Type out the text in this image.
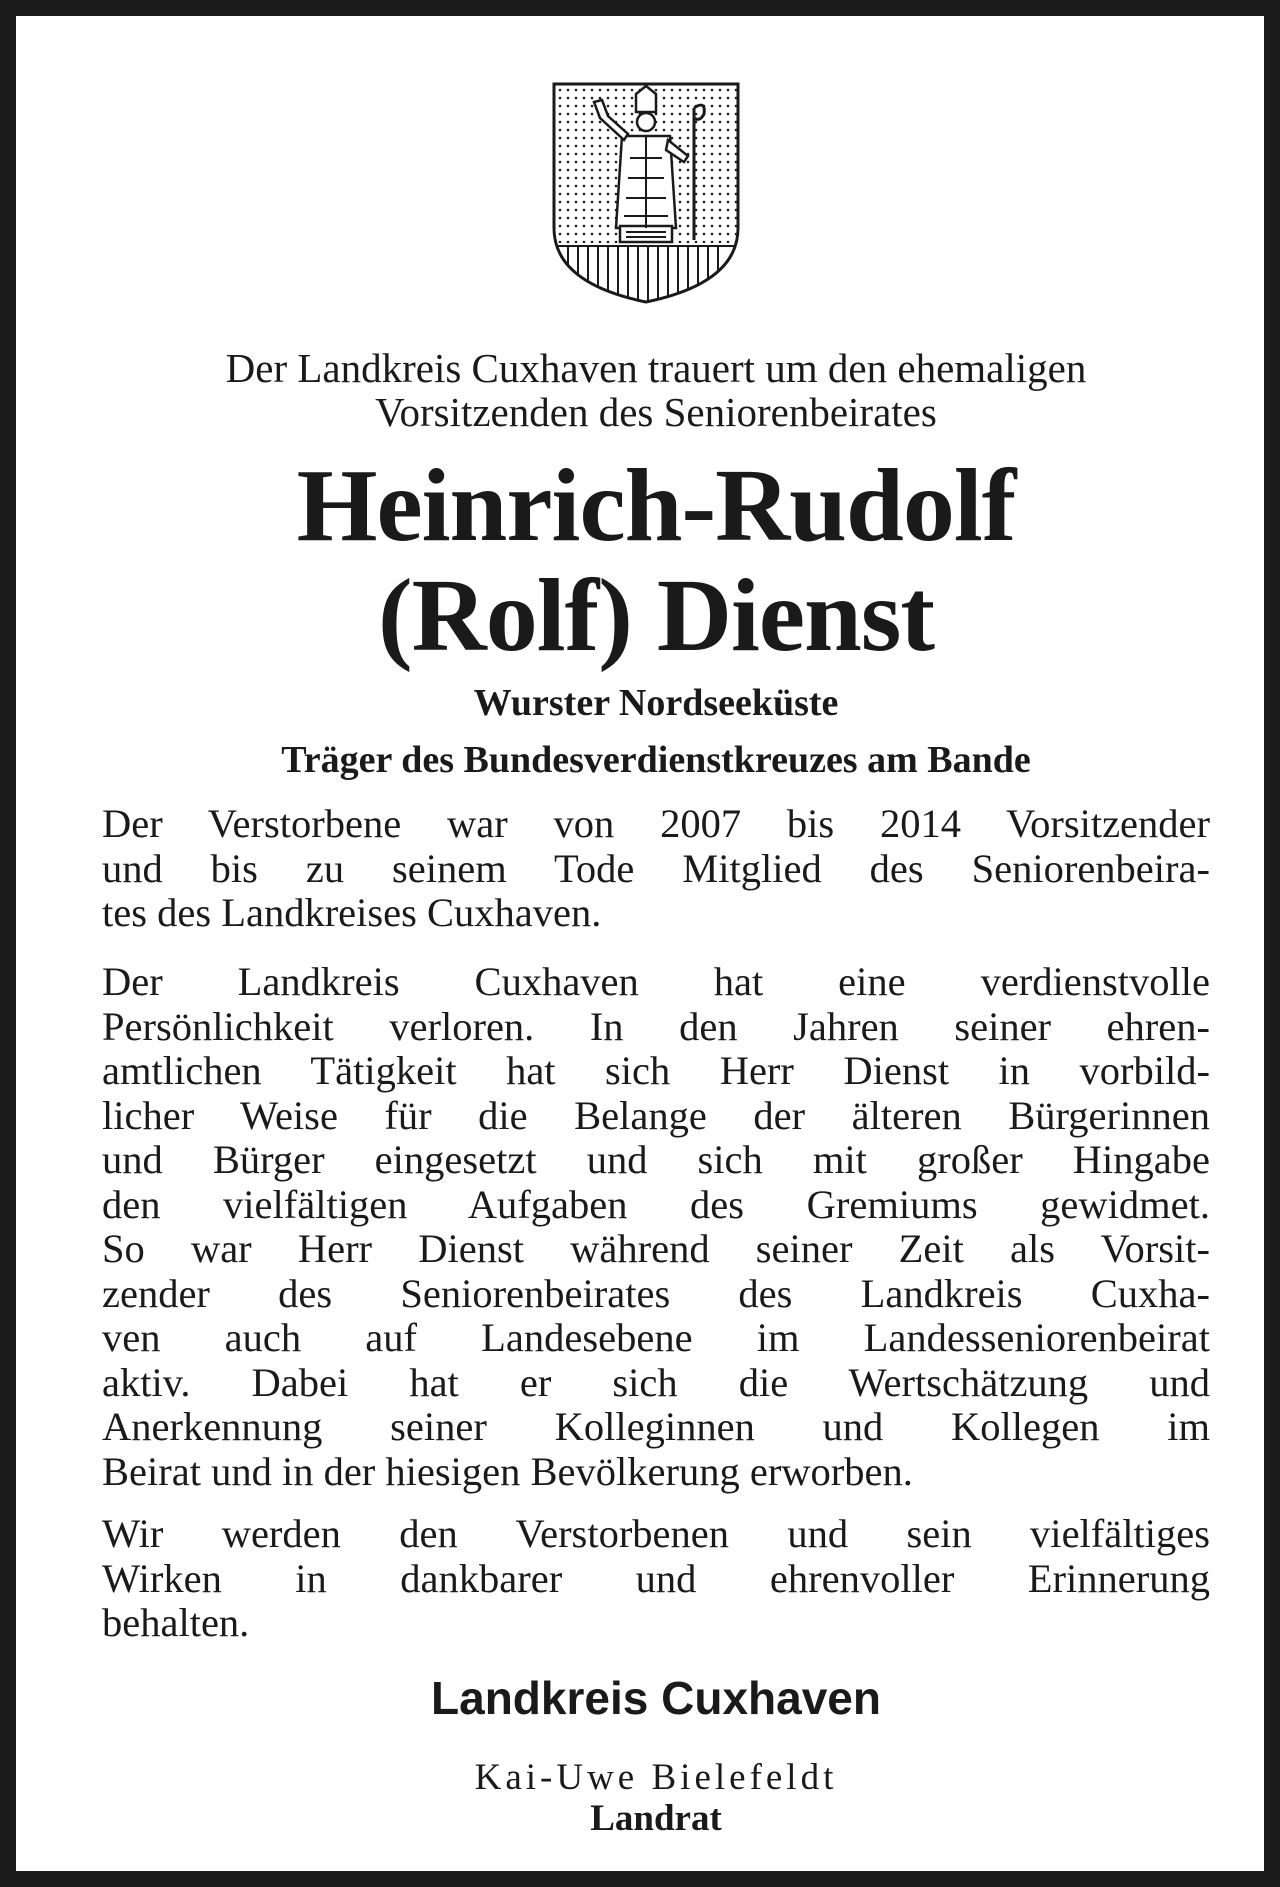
Der Landkreis Cuxhaven trauert um den ehemaligen
Vorsitzenden des Seniorenbeirates
Heinrich-Rudolf
(Rolf) Dienst
Wurster Nordseeküste
Träger des Bundesverdienstkreuzes am Bande
Der Verstorbene war von 2007 bis 2014 Vorsitzender
und bis zu seinem Tode Mitglied des Seniorenbeira-
tes des Landkreises Cuxhaven.
Der Landkreis Cuxhaven hat eine verdienstvolle
Persönlichkeit verloren. In den Jahren seiner ehren-
amtlichen Tätigkeit hat sich Herr Dienst in vorbild-
licher Weise für die Belange der älteren Bürgerinnen
und Bürger eingesetzt und sich mit großer Hingabe
den vielfältigen Aufgaben des Gremiums gewidmet.
So war Herr Dienst während seiner Zeit als Vorsit-
zender des Seniorenbeirates des Landkreis Cuxha-
ven auch auf Landesebene im Landesseniorenbeirat
aktiv. Dabei hat er sich die Wertschätzung und
Anerkennung seiner Kolleginnen und Kollegen im
Beirat und in der hiesigen Bevölkerung erworben.
Wir werden den Verstorbenen und sein vielfältiges
Wirken in dankbarer und ehrenvoller Erinnerung
behalten.
Landkreis Cuxhaven
Kai-Uwe Bielefeldt
Landrat
